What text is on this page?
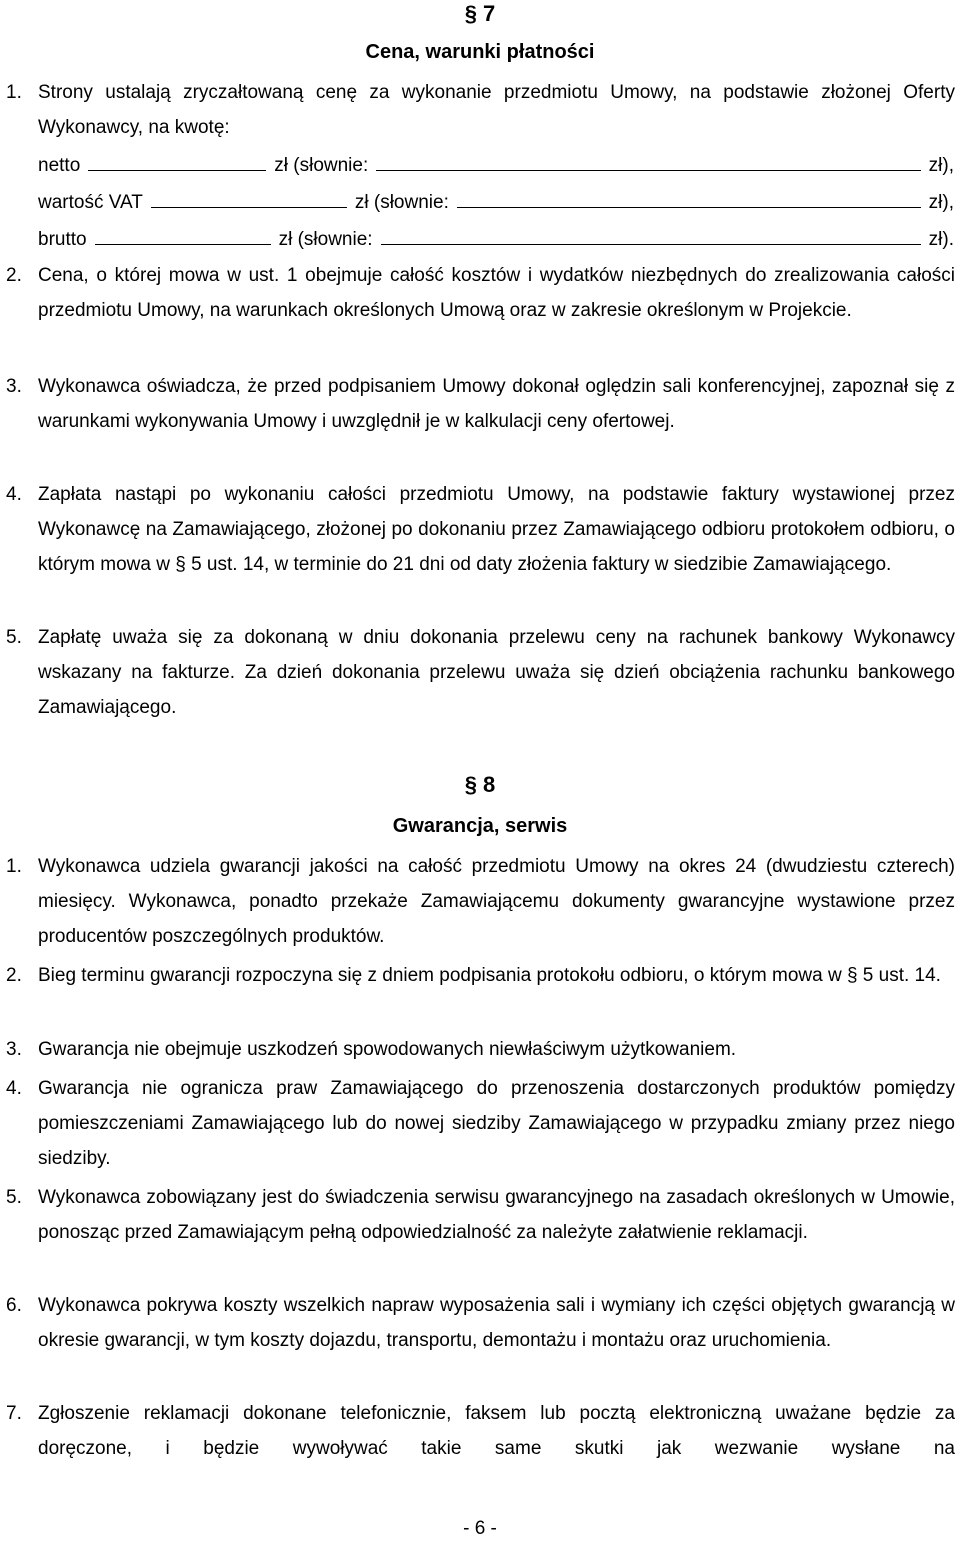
§ 7
Cena, warunki płatności
1. Strony ustalają zryczałtowaną cenę za wykonanie przedmiotu Umowy, na podstawie złożonej Oferty Wykonawcy, na kwotę:
netto	zł (słownie:	zł),
wartość VAT	zł (słownie:	zł),
brutto	zł (słownie:	zł).
2. Cena, o której mowa w ust. 1 obejmuje całość kosztów i wydatków niezbędnych do zrealizowania całości przedmiotu Umowy, na warunkach określonych Umową oraz w zakresie określonym w Projekcie.
3. Wykonawca oświadcza, że przed podpisaniem Umowy dokonał oględzin sali konferencyjnej, zapoznał się z warunkami wykonywania Umowy i uwzględnił je w kalkulacji ceny ofertowej.
4. Zapłata nastąpi po wykonaniu całości przedmiotu Umowy, na podstawie faktury wystawionej przez Wykonawcę na Zamawiającego, złożonej po dokonaniu przez Zamawiającego odbioru protokołem odbioru, o którym mowa w § 5 ust. 14, w terminie do 21 dni od daty złożenia faktury w siedzibie Zamawiającego.
5. Zapłatę uważa się za dokonaną w dniu dokonania przelewu ceny na rachunek bankowy Wykonawcy wskazany na fakturze. Za dzień dokonania przelewu uważa się dzień obciążenia rachunku bankowego Zamawiającego.
§ 8
Gwarancja, serwis
1. Wykonawca udziela gwarancji jakości na całość przedmiotu Umowy na okres 24 (dwudziestu czterech) miesięcy. Wykonawca, ponadto przekaże Zamawiającemu dokumenty gwarancyjne wystawione przez producentów poszczególnych produktów.
2. Bieg terminu gwarancji rozpoczyna się z dniem podpisania protokołu odbioru, o którym mowa w § 5 ust. 14.
3. Gwarancja nie obejmuje uszkodzeń spowodowanych niewłaściwym użytkowaniem.
4. Gwarancja nie ogranicza praw Zamawiającego do przenoszenia dostarczonych produktów pomiędzy pomieszczeniami Zamawiającego lub do nowej siedziby Zamawiającego w przypadku zmiany przez niego siedziby.
5. Wykonawca zobowiązany jest do świadczenia serwisu gwarancyjnego na zasadach określonych w Umowie, ponosząc przed Zamawiającym pełną odpowiedzialność za należyte załatwienie reklamacji.
6. Wykonawca pokrywa koszty wszelkich napraw wyposażenia sali i wymiany ich części objętych gwarancją w okresie gwarancji, w tym koszty dojazdu, transportu, demontażu i montażu oraz uruchomienia.
7. Zgłoszenie reklamacji dokonane telefonicznie, faksem lub pocztą elektroniczną uważane będzie za doręczone, i będzie wywoływać takie same skutki jak wezwanie wysłane na
- 6 -
